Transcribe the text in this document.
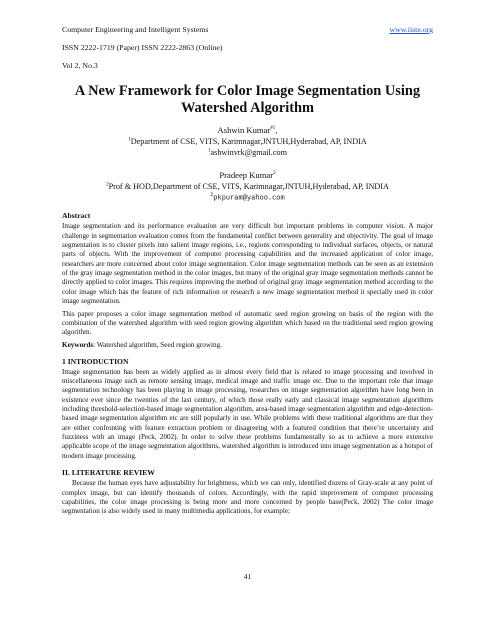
Computer Engineering and Intelligent Systems	www.iiste.org
ISSN 2222-1719 (Paper) ISSN 2222-2863 (Online)
Vol 2, No.3
A New Framework for Color Image Segmentation Using Watershed Algorithm
Ashwin Kumar$^{\#1}$,
$^1$Department of CSE, VITS, Karimnagar,JNTUH,Hyderabad, AP, INDIA
$^1$ashwinvrk@gmail.com
Pradeep Kumar$^2$
$^2$Prof & HOD,Department of CSE, VITS, Karimnagar,JNTUH,Hyderabad, AP, INDIA
$^2$pkpuram@yahoo.com
Abstract

Image segmentation and its performance evaluation are very difficult but important problems in computer vision. A major challenge in segmentation evaluation comes from the fundamental conflict between generality and objectivity. The goal of image segmentation is to cluster pixels into salient image regions, i.e., regions corresponding to individual surfaces, objects, or natural parts of objects. With the improvement of computer processing capabilities and the increased application of color image, researchers are more concerned about color image segmentation. Color image segmentation methods can be seen as an extension of the gray image segmentation method in the color images, but many of the original gray image segmentation methods cannot be directly applied to color images. This requires improving the method of original gray image segmentation method according to the color image which has the feature of rich information or research a new image segmentation method it specially used in color image segmentation.

This paper proposes a color image segmentation method of automatic seed region growing on basis of the region with the combination of the watershed algorithm with seed region growing algorithm which based on the traditional seed region growing algorithm.

Keywords: Watershed algorithm, Seed region growing.
1 INTRODUCTION

Image segmentation has been as widely applied as in almost every field that is related to image processing and involved in miscellaneous image such as remote sensing image, medical image and traffic image etc. Due to the important role that image segmentation technology has been playing in image processing, researches on image segmentation algorithm have long been in existence ever since the twenties of the last century, of which those really early and classical image segmentation algorithms including threshold-selection-based image segmentation algorithm, area-based image segmentation algorithm and edge-detection-based image segmentation algorithm etc are still popularly in use. While problems with these traditional algorithms are that they are either confronting with feature extraction problem or disagreeing with a featured condition that there’re uncertainty and fuzziness with an image (Peck, 2002). In order to solve these problems fundamentally so as to achieve a more extensive applicable scope of the image segmentation algorithms, watershed algorithm is introduced into image segmentation as a hotspot of modern image processing.

II. LITERATURE REVIEW

Because the human eyes have adjustability for brightness, which we can only, identified dozens of Gray-scale at any point of complex image, but can identify thousands of colors. Accordingly, with the rapid improvement of computer processing capabilities, the color image processing is being more and more concerned by people base(Peck, 2002) The color image segmentation is also widely used in many multimedia applications, for example;

41
